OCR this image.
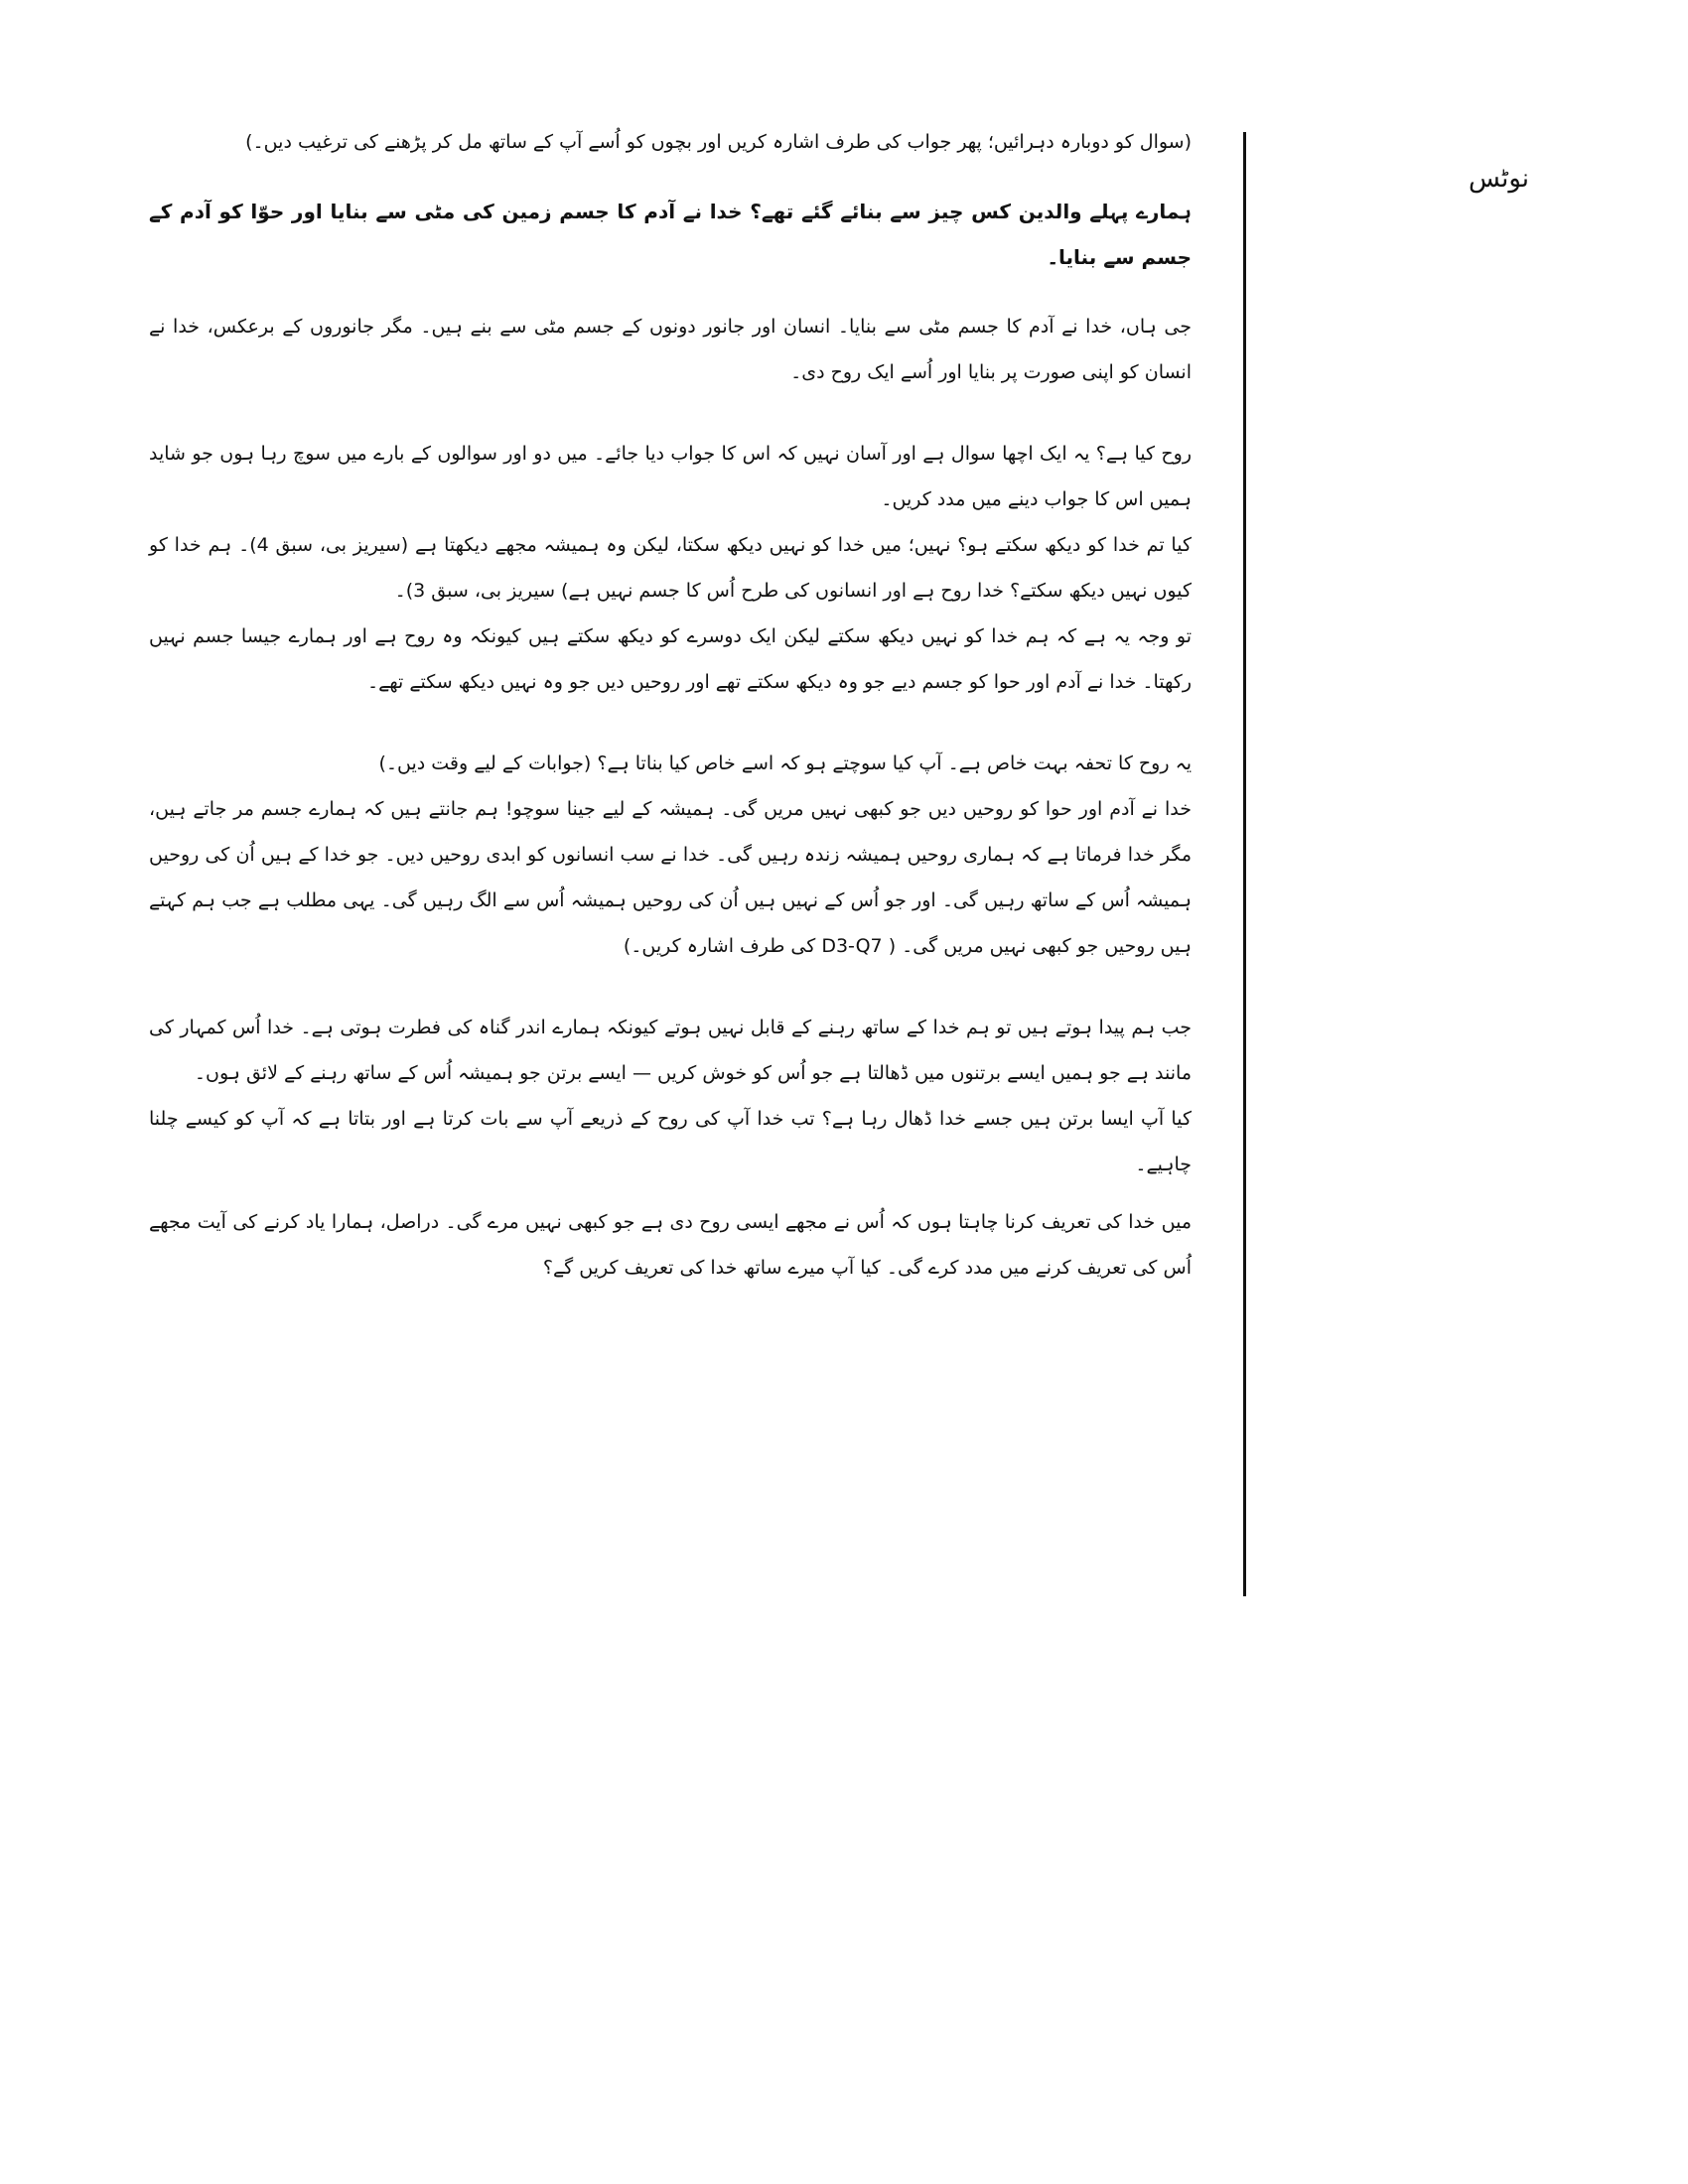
نوٹس

(سوال کو دوبارہ دہرائیں؛ پھر جواب کی طرف اشارہ کریں اور بچوں کو اُسے آپ کے ساتھ مل کر پڑھنے کی ترغیب دیں۔)

ہمارے پہلے والدین کس چیز سے بنائے گئے تھے؟ خدا نے آدم کا جسم زمین کی مٹی سے بنایا اور حوّا کو آدم کے جسم سے بنایا۔

جی ہاں، خدا نے آدم کا جسم مٹی سے بنایا۔ انسان اور جانور دونوں کے جسم مٹی سے بنے ہیں۔ مگر جانوروں کے برعکس، خدا نے انسان کو اپنی صورت پر بنایا اور اُسے ایک روح دی۔

روح کیا ہے؟ یہ ایک اچھا سوال ہے اور آسان نہیں کہ اس کا جواب دیا جائے۔ میں دو اور سوالوں کے بارے میں سوچ رہا ہوں جو شاید ہمیں اس کا جواب دینے میں مدد کریں۔

کیا تم خدا کو دیکھ سکتے ہو؟ نہیں؛ میں خدا کو نہیں دیکھ سکتا، لیکن وہ ہمیشہ مجھے دیکھتا ہے (سیریز بی، سبق 4)۔ ہم خدا کو کیوں نہیں دیکھ سکتے؟ خدا روح ہے اور انسانوں کی طرح اُس کا جسم نہیں ہے) سیریز بی، سبق 3)۔

تو وجہ یہ ہے کہ ہم خدا کو نہیں دیکھ سکتے لیکن ایک دوسرے کو دیکھ سکتے ہیں کیونکہ وہ روح ہے اور ہمارے جیسا جسم نہیں رکھتا۔ خدا نے آدم اور حوا کو جسم دیے جو وہ دیکھ سکتے تھے اور روحیں دیں جو وہ نہیں دیکھ سکتے تھے۔

یہ روح کا تحفہ بہت خاص ہے۔ آپ کیا سوچتے ہو کہ اسے خاص کیا بناتا ہے؟ (جوابات کے لیے وقت دیں۔)

خدا نے آدم اور حوا کو روحیں دیں جو کبھی نہیں مریں گی۔ ہمیشہ کے لیے جینا سوچو! ہم جانتے ہیں کہ ہمارے جسم مر جاتے ہیں، مگر خدا فرماتا ہے کہ ہماری روحیں ہمیشہ زندہ رہیں گی۔ خدا نے سب انسانوں کو ابدی روحیں دیں۔ جو خدا کے ہیں اُن کی روحیں ہمیشہ اُس کے ساتھ رہیں گی۔ اور جو اُس کے نہیں ہیں اُن کی روحیں ہمیشہ اُس سے الگ رہیں گی۔ یہی مطلب ہے جب ہم کہتے ہیں روحیں جو کبھی نہیں مریں گی۔ ( D3-Q7 کی طرف اشارہ کریں۔)

جب ہم پیدا ہوتے ہیں تو ہم خدا کے ساتھ رہنے کے قابل نہیں ہوتے کیونکہ ہمارے اندر گناہ کی فطرت ہوتی ہے۔ خدا اُس کمہار کی مانند ہے جو ہمیں ایسے برتنوں میں ڈھالتا ہے جو اُس کو خوش کریں — ایسے برتن جو ہمیشہ اُس کے ساتھ رہنے کے لائق ہوں۔

کیا آپ ایسا برتن ہیں جسے خدا ڈھال رہا ہے؟ تب خدا آپ کی روح کے ذریعے آپ سے بات کرتا ہے اور بتاتا ہے کہ آپ کو کیسے چلنا چاہیے۔

میں خدا کی تعریف کرنا چاہتا ہوں کہ اُس نے مجھے ایسی روح دی ہے جو کبھی نہیں مرے گی۔ دراصل، ہمارا یاد کرنے کی آیت مجھے اُس کی تعریف کرنے میں مدد کرے گی۔ کیا آپ میرے ساتھ خدا کی تعریف کریں گے؟
